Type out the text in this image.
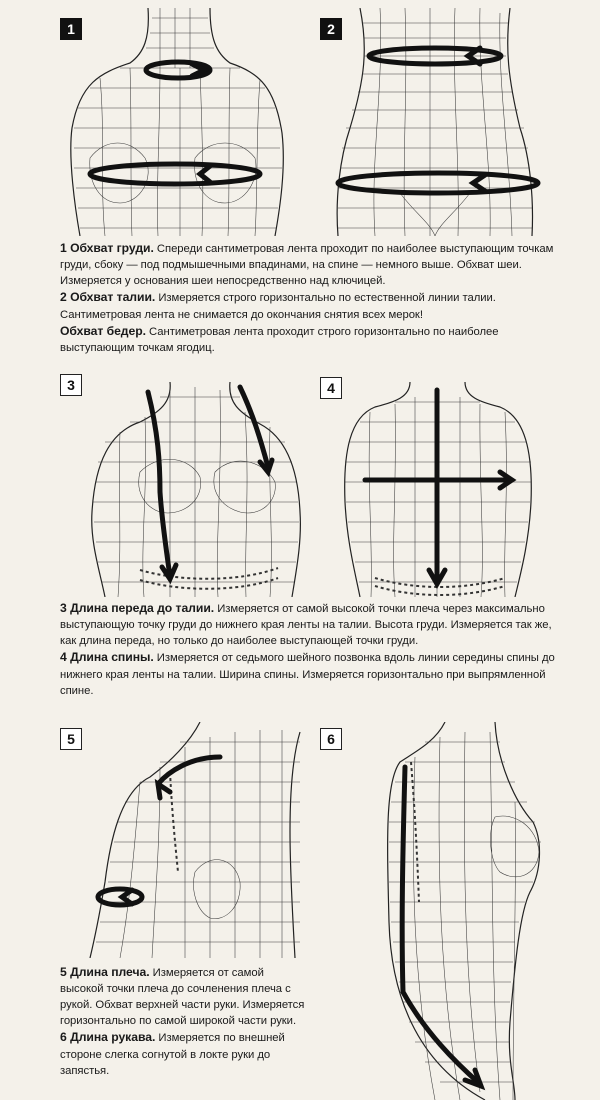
1	2

1 Обхват груди. Спереди сантиметровая лента проходит по наиболее выступающим точкам груди, сбоку — под подмышечными впадинами, на спине — немного выше. Обхват шеи. Измеряется у основания шеи непосредственно над ключицей.

2 Обхват талии. Измеряется строго горизонтально по естественной линии талии. Сантиметровая лента не снимается до окончания снятия всех мерок!

Обхват бедер. Сантиметровая лента проходит строго горизонтально по наиболее выступающим точкам ягодиц.

3	4

3 Длина переда до талии. Измеряется от самой высокой точки плеча через максимально выступающую точку груди до нижнего края ленты на талии. Высота груди. Измеряется так же, как длина переда, но только до наиболее выступающей точки груди.

4 Длина спины. Измеряется от седьмого шейного позвонка вдоль линии середины спины до нижнего края ленты на талии. Ширина спины. Измеряется горизонтально при выпрямленной спине.

5	6

5 Длина плеча. Измеряется от самой высокой точки плеча до сочленения плеча с рукой. Обхват верхней части руки. Измеряется горизонтально по самой широкой части руки.

6 Длина рукава. Измеряется по внешней стороне слегка согнутой в локте руки до запястья.
